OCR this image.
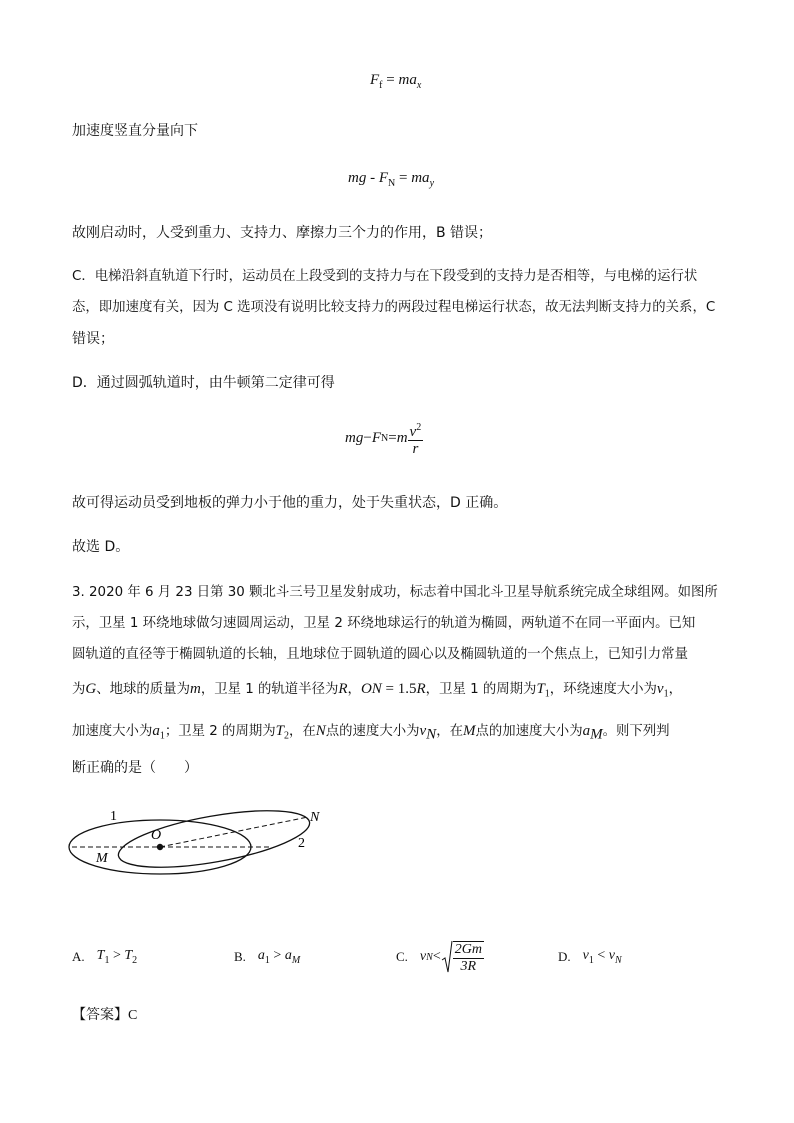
$F_f = ma_x$
加速度竖直分量向下
mg - $F_N = ma_y$
故刚启动时，人受到重力、支持力、摩擦力三个力的作用，B 错误；
C．电梯沿斜直轨道下行时，运动员在上段受到的支持力与在下段受到的支持力是否相等，与电梯的运行状
态，即加速度有关，因为 C 选项没有说明比较支持力的两段过程电梯运行状态，故无法判断支持力的关系，C
错误；
D．通过圆弧轨道时，由牛顿第二定律可得
mg − F N = m $\frac{v^2}{r}$
故可得运动员受到地板的弹力小于他的重力，处于失重状态，D 正确。
故选 D。
3. 2020 年 6 月 23 日第 30 颗北斗三号卫星发射成功，标志着中国北斗卫星导航系统完成全球组网。如图所
示，卫星 1 环绕地球做匀速圆周运动，卫星 2 环绕地球运行的轨道为椭圆，两轨道不在同一平面内。已知
圆轨道的直径等于椭圆轨道的长轴，且地球位于圆轨道的圆心以及椭圆轨道的一个焦点上，已知引力常量
为G、地球的质量为m，卫星 1 的轨道半径为R，ON = 1.5R，卫星 1 的周期为$T_1$，环绕速度大小为$v_1$，
加速度大小为$a_1$；卫星 2 的周期为$T_2$，在N点的速度大小为$v_N$，在M点的加速度大小为$a_M$。则下列判
断正确的是（　　）
1
O
N
2
M
A. $T_1 > T_2$	B. $a_1 > a_M$	C. v $N < \frac{2Gm}{3R}$	D. $v_1 < v_N$
【答案】C
